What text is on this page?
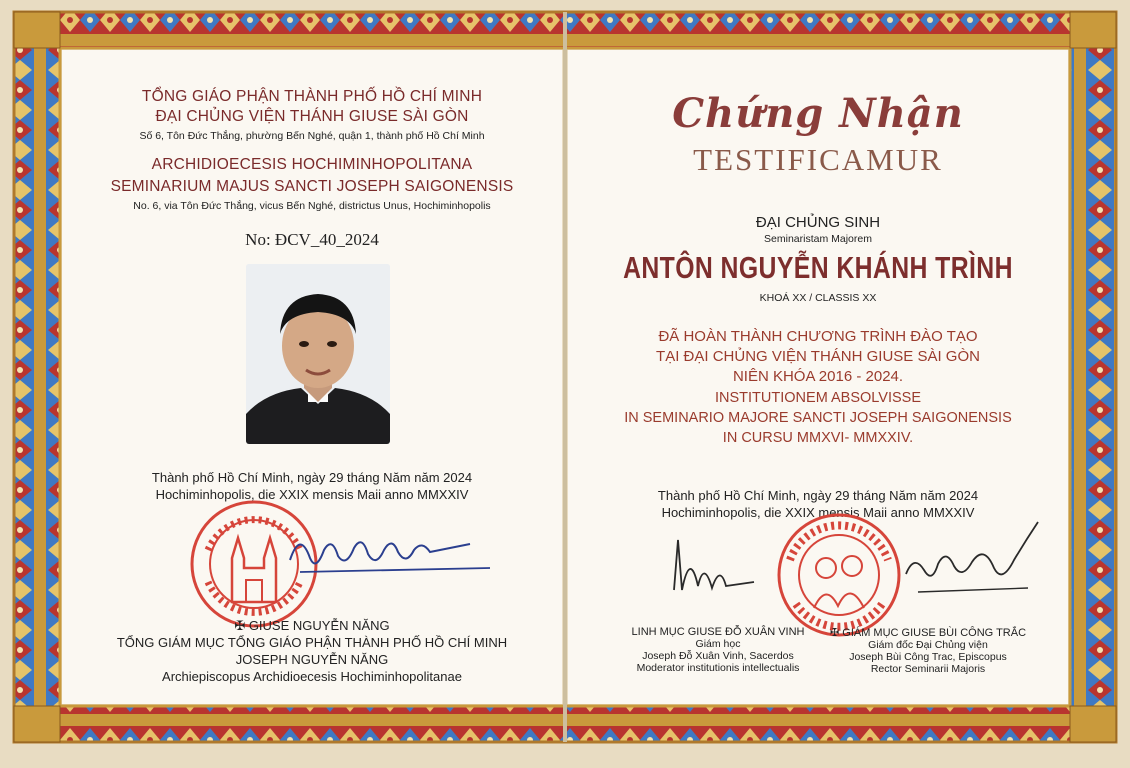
TỔNG GIÁO PHẬN THÀNH PHỐ HỒ CHÍ MINH
ĐẠI CHỦNG VIỆN THÁNH GIUSE SÀI GÒN
Số 6, Tôn Đức Thắng, phường Bến Nghé, quận 1, thành phố Hồ Chí Minh
ARCHIDIOECESIS HOCHIMINHOPOLITANA
SEMINARIUM MAJUS SANCTI JOSEPH SAIGONENSIS
No. 6, via Tôn Đức Thắng, vicus Bến Nghé, districtus Unus, Hochiminhopolis
No: ĐCV_40_2024
Thành phố Hồ Chí Minh, ngày 29 tháng Năm năm 2024
Hochiminhopolis, die XXIX mensis Maii anno MMXXIV
✠ GIUSE NGUYỄN NĂNG
TỔNG GIÁM MỤC TỔNG GIÁO PHẬN THÀNH PHỐ HỒ CHÍ MINH
JOSEPH NGUYỄN NĂNG
Archiepiscopus Archidioecesis Hochiminhopolitanae
Chứng Nhận
TESTIFICAMUR
ĐẠI CHỦNG SINH
Seminaristam Majorem
ANTÔN NGUYỄN KHÁNH TRÌNH
KHOÁ XX / CLASSIS XX
ĐÃ HOÀN THÀNH CHƯƠNG TRÌNH ĐÀO TẠO
TẠI ĐẠI CHỦNG VIỆN THÁNH GIUSE SÀI GÒN
NIÊN KHÓA 2016 - 2024.
INSTITUTIONEM ABSOLVISSE
IN SEMINARIO MAJORE SANCTI JOSEPH SAIGONENSIS
IN CURSU MMXVI- MMXXIV.
Thành phố Hồ Chí Minh, ngày 29 tháng Năm năm 2024
Hochiminhopolis, die XXIX mensis Maii anno MMXXIV
LINH MỤC GIUSE ĐỖ XUÂN VINH
Giám học
Joseph Đỗ Xuân Vinh, Sacerdos
Moderator institutionis intellectualis
✠ GIÁM MỤC GIUSE BÙI CÔNG TRẮC
Giám đốc Đại Chủng viện
Joseph Bùi Công Trac, Episcopus
Rector Seminarii Majoris
